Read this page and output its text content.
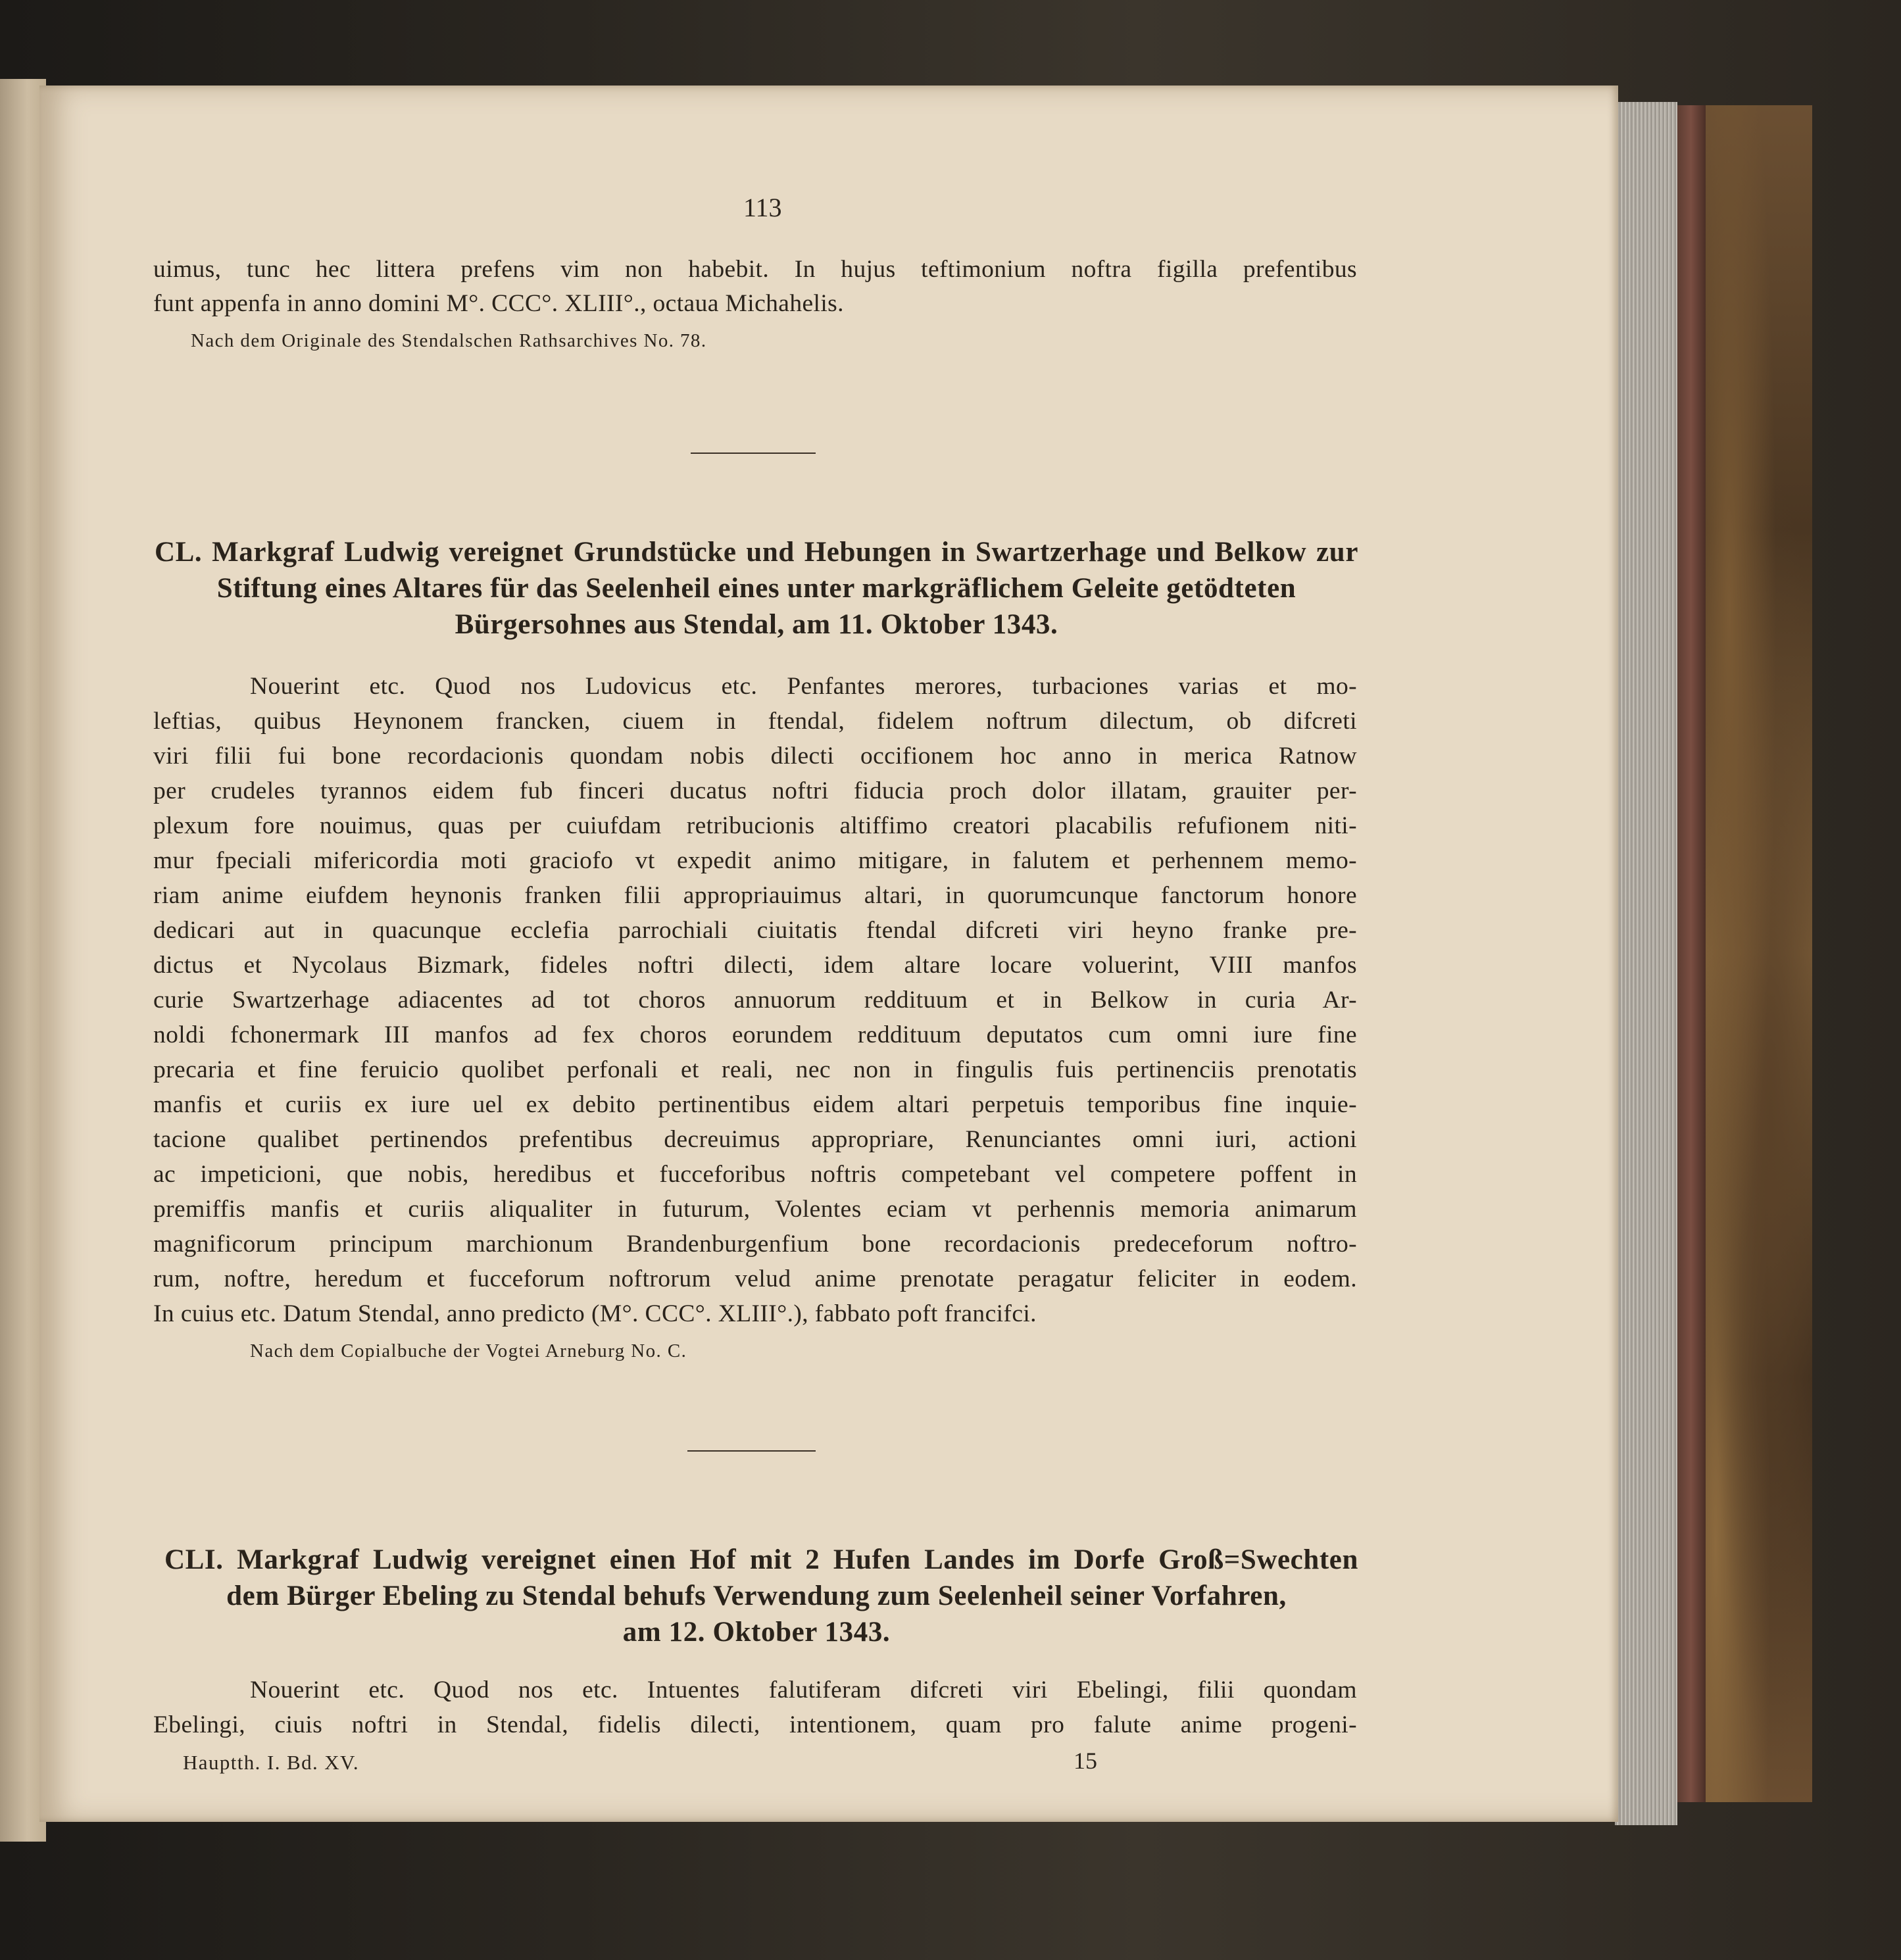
113
uimus, tunc hec littera prefens vim non habebit. In hujus teftimonium noftra figilla prefentibus
funt appenfa in anno domini M°. CCC°. XLIII°., octaua Michahelis.
Nach dem Originale des Stendalschen Rathsarchives No. 78.
CL. Markgraf Ludwig vereignet Grundstücke und Hebungen in Swartzerhage und Belkow zur
Stiftung eines Altares für das Seelenheil eines unter markgräflichem Geleite getödteten
Bürgersohnes aus Stendal, am 11. Oktober 1343.
Nouerint etc. Quod nos Ludovicus etc. Penfantes merores, turbaciones varias et mo-
leftias, quibus Heynonem francken, ciuem in ftendal, fidelem noftrum dilectum, ob difcreti
viri filii fui bone recordacionis quondam nobis dilecti occifionem hoc anno in merica Ratnow
per crudeles tyrannos eidem fub finceri ducatus noftri fiducia proch dolor illatam, grauiter per-
plexum fore nouimus, quas per cuiufdam retribucionis altiffimo creatori placabilis refufionem niti-
mur fpeciali mifericordia moti graciofo vt expedit animo mitigare, in falutem et perhennem memo-
riam anime eiufdem heynonis franken filii appropriauimus altari, in quorumcunque fanctorum honore
dedicari aut in quacunque ecclefia parrochiali ciuitatis ftendal difcreti viri heyno franke pre-
dictus et Nycolaus Bizmark, fideles noftri dilecti, idem altare locare voluerint, VIII manfos
curie Swartzerhage adiacentes ad tot choros annuorum reddituum et in Belkow in curia Ar-
noldi fchonermark III manfos ad fex choros eorundem reddituum deputatos cum omni iure fine
precaria et fine feruicio quolibet perfonali et reali, nec non in fingulis fuis pertinenciis prenotatis
manfis et curiis ex iure uel ex debito pertinentibus eidem altari perpetuis temporibus fine inquie-
tacione qualibet pertinendos prefentibus decreuimus appropriare, Renunciantes omni iuri, actioni
ac impeticioni, que nobis, heredibus et fucceforibus noftris competebant vel competere poffent in
premiffis manfis et curiis aliqualiter in futurum, Volentes eciam vt perhennis memoria animarum
magnificorum principum marchionum Brandenburgenfium bone recordacionis predeceforum noftro-
rum, noftre, heredum et fucceforum noftrorum velud anime prenotate peragatur feliciter in eodem.
In cuius etc. Datum Stendal, anno predicto (M°. CCC°. XLIII°.), fabbato poft francifci.
Nach dem Copialbuche der Vogtei Arneburg No. C.
CLI. Markgraf Ludwig vereignet einen Hof mit 2 Hufen Landes im Dorfe Groß=Swechten
dem Bürger Ebeling zu Stendal behufs Verwendung zum Seelenheil seiner Vorfahren,
am 12. Oktober 1343.
Nouerint etc. Quod nos etc. Intuentes falutiferam difcreti viri Ebelingi, filii quondam
Ebelingi, ciuis noftri in Stendal, fidelis dilecti, intentionem, quam pro falute anime progeni-
Hauptth. I. Bd. XV.	15
